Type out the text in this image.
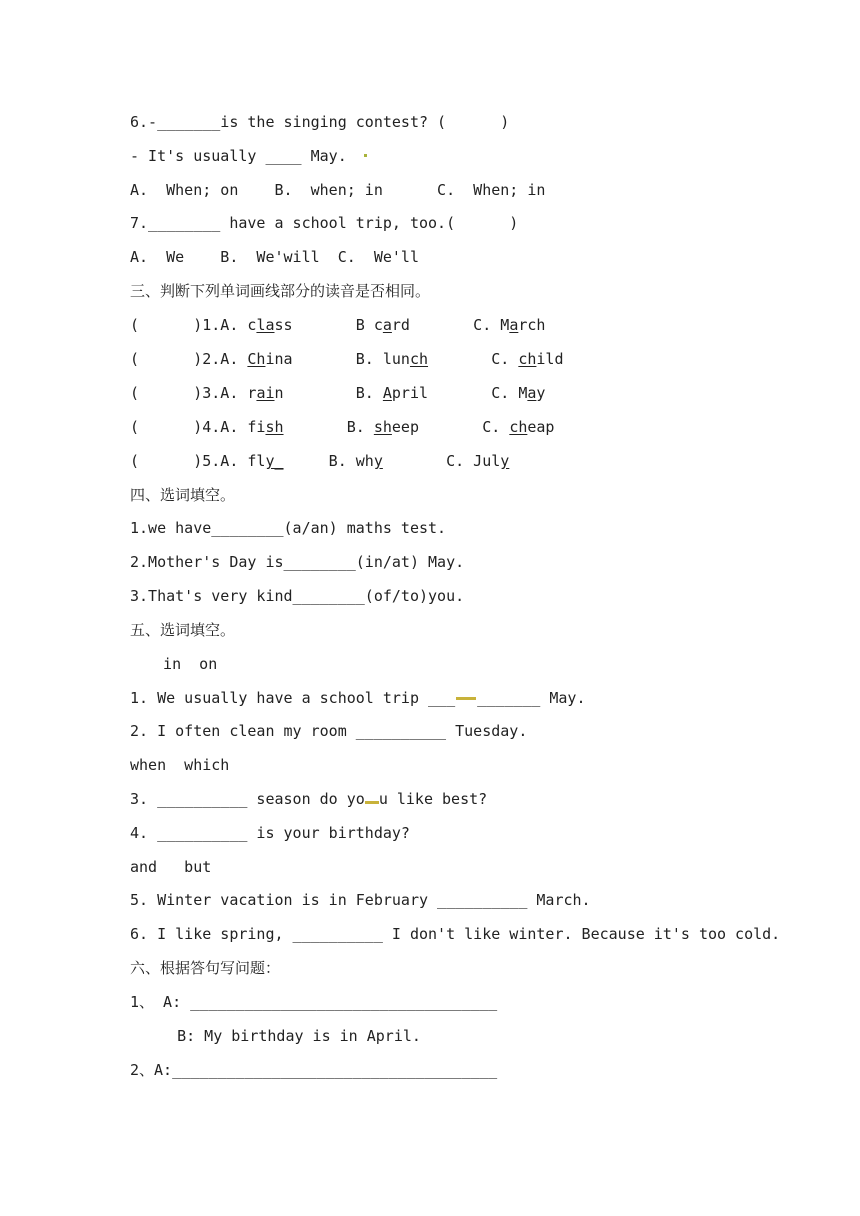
6.-_______is the singing contest? (      )
- It's usually ____ May.
A.  When; on    B.  when; in      C.  When; in
7.________ have a school trip, too.(      )
A.  We    B.  We'will  C.  We'll
三、判断下列单词画线部分的读音是否相同。
(      )1.A. class       B card       C. March
(      )2.A. China       B. lunch       C. child
(      )3.A. rain        B. April       C. May
(      )4.A. fish       B. sheep       C. cheap
(      )5.A. fly_     B. why       C. July
四、选词填空。
1.we have________(a/an) maths test.
2.Mother's Day is________(in/at) May.
3.That's very kind________(of/to)you.
五、选词填空。
in  on
1. We usually have a school trip ___ _______ May.
2. I often clean my room __________ Tuesday.
when  which
3. __________ season do yo u like best?
4. __________ is your birthday?
and   but
5. Winter vacation is in February __________ March.
6. I like spring, __________ I don't like winter. Because it's too cold.
六、根据答句写问题：
1、 A: __________________________________
B: My birthday is in April.
2、A:____________________________________
